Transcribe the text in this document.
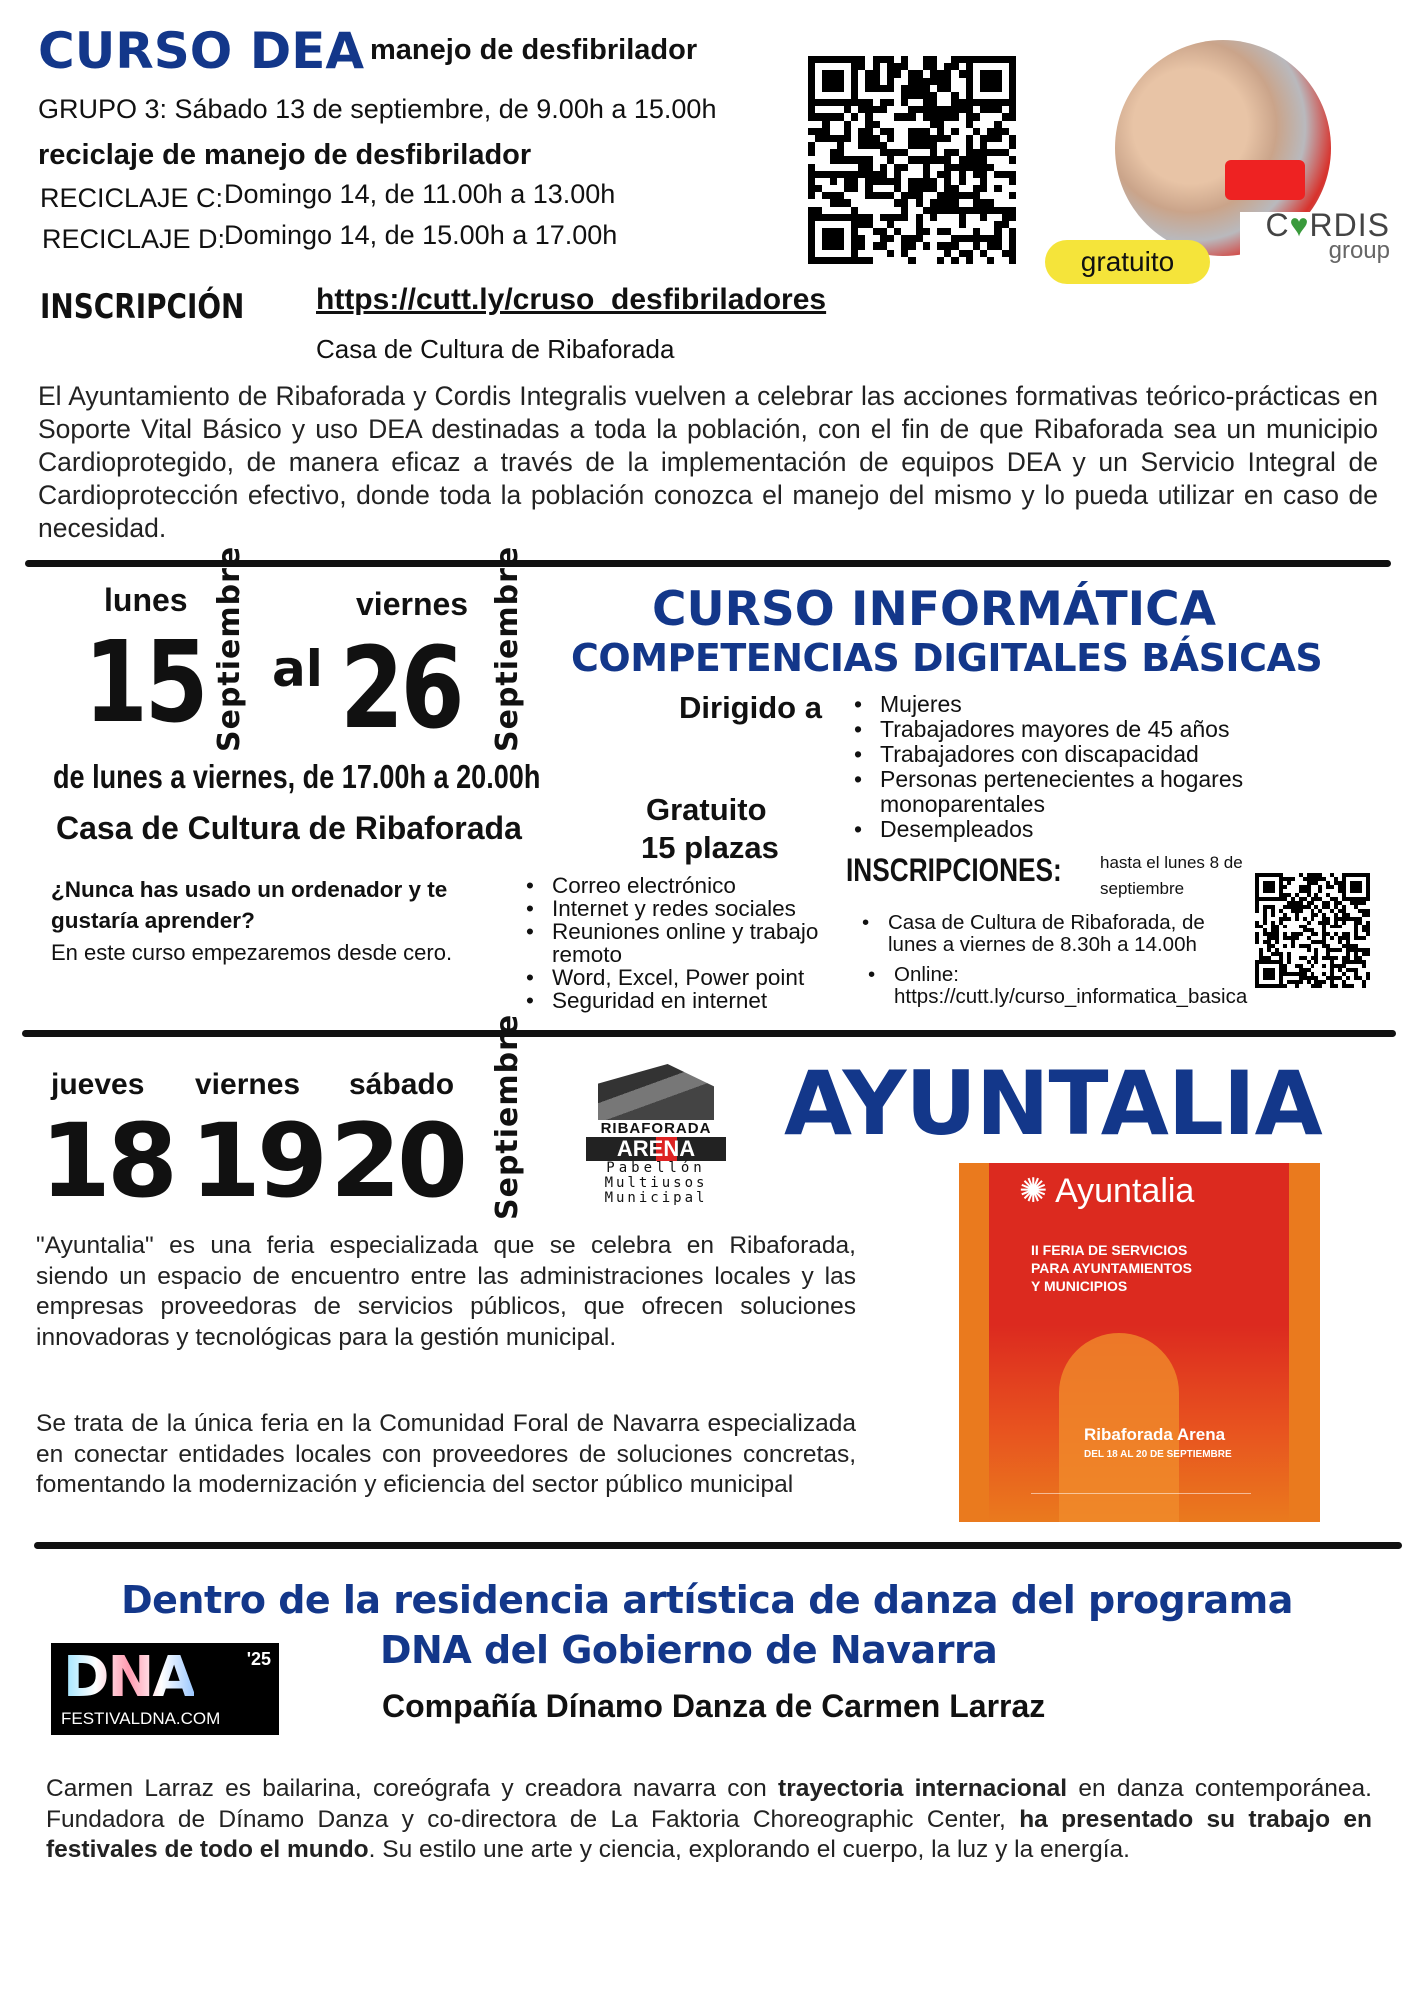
CURSO DEA manejo de desfibrilador
GRUPO 3: Sábado 13 de septiembre, de 9.00h a 15.00h
reciclaje de manejo de desfibrilador
RECICLAJE C: Domingo 14, de 11.00h a 13.00h
RECICLAJE D:
Domingo 14, de 15.00h a 17.00h
gratuito
C♥RDIS
group
INSCRIPCIÓN https://cutt.ly/cruso_desfibriladores
Casa de Cultura de Ribaforada
El Ayuntamiento de Ribaforada y Cordis Integralis vuelven a celebrar las acciones formativas teórico-prácticas en Soporte Vital Básico y uso DEA destinadas a toda la población, con el fin de que Ribaforada sea un municipio Cardioprotegido, de manera eficaz a través de la implementación de equipos DEA y un Servicio Integral de Cardioprotección efectivo, donde toda la población conozca el manejo del mismo y lo pueda utilizar en caso de necesidad.
lunes
15 Septiembre al
viernes
26 Septiembre	CURSO INFORMÁTICA
COMPETENCIAS DIGITALES BÁSICAS
Dirigido a	• Mujeres
• Trabajadores mayores de 45 años
• Trabajadores con discapacidad
• Personas pertenecientes a hogares monoparentales
• Desempleados
de lunes a viernes, de 17.00h a 20.00h
Casa de Cultura de Ribaforada
Gratuito
15 plazas
¿Nunca has usado un ordenador y te gustaría aprender?
En este curso empezaremos desde cero.
• Correo electrónico
• Internet y redes sociales
• Reuniones online y trabajo remoto
• Word, Excel, Power point
• Seguridad en internet
INSCRIPCIONES: hasta el lunes 8 de septiembre
• Casa de Cultura de Ribaforada, de lunes a viernes de 8.30h a 14.00h
• Online:
https://cutt.ly/curso_informatica_basica
jueves viernes sábado
18 19 20 Septiembre	RIBAFORADA
ARENA
Pabellón
Multiusos
Municipal
AYUNTALIA
✺ Ayuntalia
II FERIA DE SERVICIOS PARA AYUNTAMIENTOS Y MUNICIPIOS
Ribaforada Arena
DEL 18 AL 20 DE SEPTIEMBRE
"Ayuntalia" es una feria especializada que se celebra en Ribaforada, siendo un espacio de encuentro entre las administraciones locales y las empresas proveedoras de servicios públicos, que ofrecen soluciones innovadoras y tecnológicas para la gestión municipal.
Se trata de la única feria en la Comunidad Foral de Navarra especializada en conectar entidades locales con proveedores de soluciones concretas, fomentando la modernización y eficiencia del sector público municipal
Dentro de la residencia artística de danza del programa
DNA del Gobierno de Navarra
DNA	'25
FESTIVALDNA.COM	Compañía Dínamo Danza de Carmen Larraz
Carmen Larraz es bailarina, coreógrafa y creadora navarra con trayectoria internacional en danza contemporánea. Fundadora de Dínamo Danza y co-directora de La Faktoria Choreographic Center, ha presentado su trabajo en festivales de todo el mundo. Su estilo une arte y ciencia, explorando el cuerpo, la luz y la energía.
